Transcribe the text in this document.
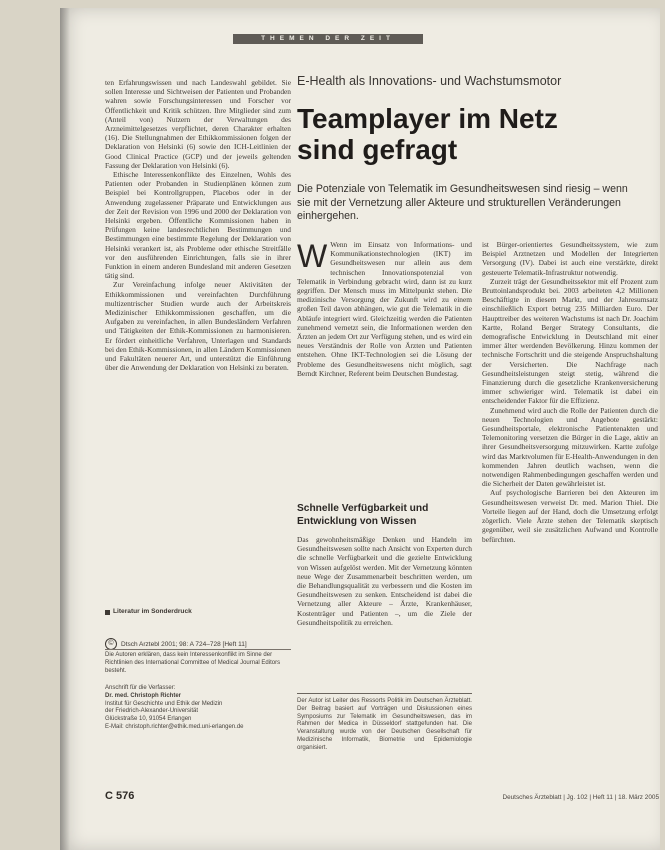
THEMEN DER ZEIT

ten Erfahrungswissen und nach Landeswahl gebildet. Sie sollen Interesse und Sichtweisen der Patienten und Probanden wahren sowie Forschungsinteressen und Forscher vor Öffentlichkeit und Kritik schützen. Ihre Mitglieder sind zum (Anteil von) Nutzern der Verwaltungen des Arzneimittelgesetzes verpflichtet, deren Charakter erhalten (16). Die Stellungnahmen der Ethikkommissionen folgen der Deklaration von Helsinki (6) sowie den ICH-Leitlinien der Good Clinical Practice (GCP) und der jeweils geltenden Fassung der Deklaration von Helsinki (6).

Ethische Interessenkonflikte des Einzelnen, Wohls des Patienten oder Probanden in Studienplänen können zum Beispiel bei Kontrollgruppen, Placebos oder in der Anwendung zugelassener Präparate und Entwicklungen aus der Zeit der Revision von 1996 und 2000 der Deklaration von Helsinki ergeben. Öffentliche Kommissionen haben in Prüfungen keine landesrechtlichen Bestimmungen und Bestimmungen eine bestimmte Regelung der Deklaration von Helsinki verankert ist, als Probleme oder ethische Streitfälle vor den ausführenden Einrichtungen, falls sie in ihrer Funktion in einem anderen Bundesland mit anderen Gesetzen tätig sind.

Zur Vereinfachung infolge neuer Aktivitäten der Ethikkommissionen und vereinfachten Durchführung multizentrischer Studien wurde auch der Arbeitskreis Medizinischer Ethikkommissionen geschaffen, um die Aufgaben zu vereinfachen, in allen Bundesländern Verfahren und Tätigkeiten der Ethik-Kommissionen zu harmonisieren. Er fördert einheitliche Verfahren, Unterlagen und Standards bei den Ethik-Kommissionen, in allen Ländern Kommissionen und Fakultäten neuerer Art, und unterstützt die Einführung über die Anwendung der Deklaration von Helsinki zu beraten.

Literatur im Sonderdruck
©	Dtsch Arztebl 2001; 98: A 724–728 [Heft 11]
Die Autoren erklären, dass kein Interessenkonflikt im Sinne der Richtlinien des International Committee of Medical Journal Editors besteht.
Anschrift für die Verfasser:
Dr. med. Christoph Richter
Institut für Geschichte und Ethik der Medizin
der Friedrich-Alexander-Universität
Glückstraße 10, 91054 Erlangen
E-Mail: christoph.richter@ethik.med.uni-erlangen.de
E-Health als Innovations- und Wachstumsmotor
Teamplayer im Netz
sind gefragt
Die Potenziale von Telematik im Gesundheitswesen sind riesig – wenn sie mit der Vernetzung aller Akteure und strukturellen Veränderungen einhergehen.
W Wenn im Einsatz von Informations- und Kommunikationstechnologien (IKT) im Gesundheitswesen nur allein aus dem technischen Innovationspotenzial von Telematik in Verbindung gebracht wird, dann ist zu kurz gegriffen. Der Mensch muss im Mittelpunkt stehen. Die medizinische Versorgung der Zukunft wird zu einem großen Teil davon abhängen, wie gut die Telematik in die Abläufe integriert wird. Gleichzeitig werden die Patienten zunehmend vernetzt sein, die Informationen werden den Ärzten an jedem Ort zur Verfügung stehen, und es wird ein neues Verständnis der Rolle von Ärzten und Patienten entstehen. Ohne IKT-Technologien sei die Lösung der Probleme des Gesundheitswesens nicht möglich, sagt Berndt Kirchner, Referent beim Deutschen Bundestag.
Schnelle Verfügbarkeit und Entwicklung von Wissen

Das gewohnheitsmäßige Denken und Handeln im Gesundheitswesen sollte nach Ansicht von Experten durch die schnelle Verfügbarkeit und die gezielte Entwicklung von Wissen aufgelöst werden. Mit der Vernetzung könnten neue Wege der Zusammenarbeit beschritten werden, um die Behandlungsqualität zu verbessern und die Kosten im Gesundheitswesen zu senken. Entscheidend ist dabei die Vernetzung aller Akteure – Ärzte, Krankenhäuser, Kostenträger und Patienten –, um die Ziele der Gesundheitspolitik zu erreichen.

Der Autor ist Leiter des Ressorts Politik im Deutschen Ärzteblatt. Der Beitrag basiert auf Vorträgen und Diskussionen eines Symposiums zur Telematik im Gesundheitswesen, das im Rahmen der Medica in Düsseldorf stattgefunden hat. Die Veranstaltung wurde von der Deutschen Gesellschaft für Medizinische Informatik, Biometrie und Epidemiologie organisiert.

ist Bürger-orientiertes Gesundheitssystem, wie zum Beispiel Arztnetzen und Modellen der Integrierten Versorgung (IV). Dabei ist auch eine verstärkte, direkt gesteuerte Telematik-Infrastruktur notwendig.

Zurzeit trägt der Gesundheitssektor mit elf Prozent zum Bruttoinlandsprodukt bei. 2003 arbeiteten 4,2 Millionen Beschäftigte in diesem Markt, und der Jahresumsatz einschließlich Export betrug 235 Milliarden Euro. Der Haupttreiber des weiteren Wachstums ist nach Dr. Joachim Kartte, Roland Berger Strategy Consultants, die demografische Entwicklung in Deutschland mit einer immer älter werdenden Bevölkerung. Hinzu kommen der technische Fortschritt und die steigende Anspruchshaltung der Versicherten. Die Nachfrage nach Gesundheitsleistungen steigt stetig, während die Finanzierung durch die gesetzliche Krankenversicherung immer schwieriger wird. Telematik ist dabei ein entscheidender Faktor für die Effizienz.

Zunehmend wird auch die Rolle der Patienten durch die neuen Technologien und Angebote gestärkt: Gesundheitsportale, elektronische Patientenakten und Telemonitoring versetzen die Bürger in die Lage, aktiv an ihrer Gesundheitsversorgung mitzuwirken. Kartte zufolge wird das Marktvolumen für E-Health-Anwendungen in den kommenden Jahren deutlich wachsen, wenn die notwendigen Rahmenbedingungen geschaffen werden und die Sicherheit der Daten gewährleistet ist.

Auf psychologische Barrieren bei den Akteuren im Gesundheitswesen verweist Dr. med. Marion Thiel. Die Vorteile liegen auf der Hand, doch die Umsetzung erfolgt zögerlich. Viele Ärzte stehen der Telematik skeptisch gegenüber, weil sie zusätzlichen Aufwand und Kontrolle befürchten.

C 576	Deutsches Ärzteblatt | Jg. 102 | Heft 11 | 18. März 2005
